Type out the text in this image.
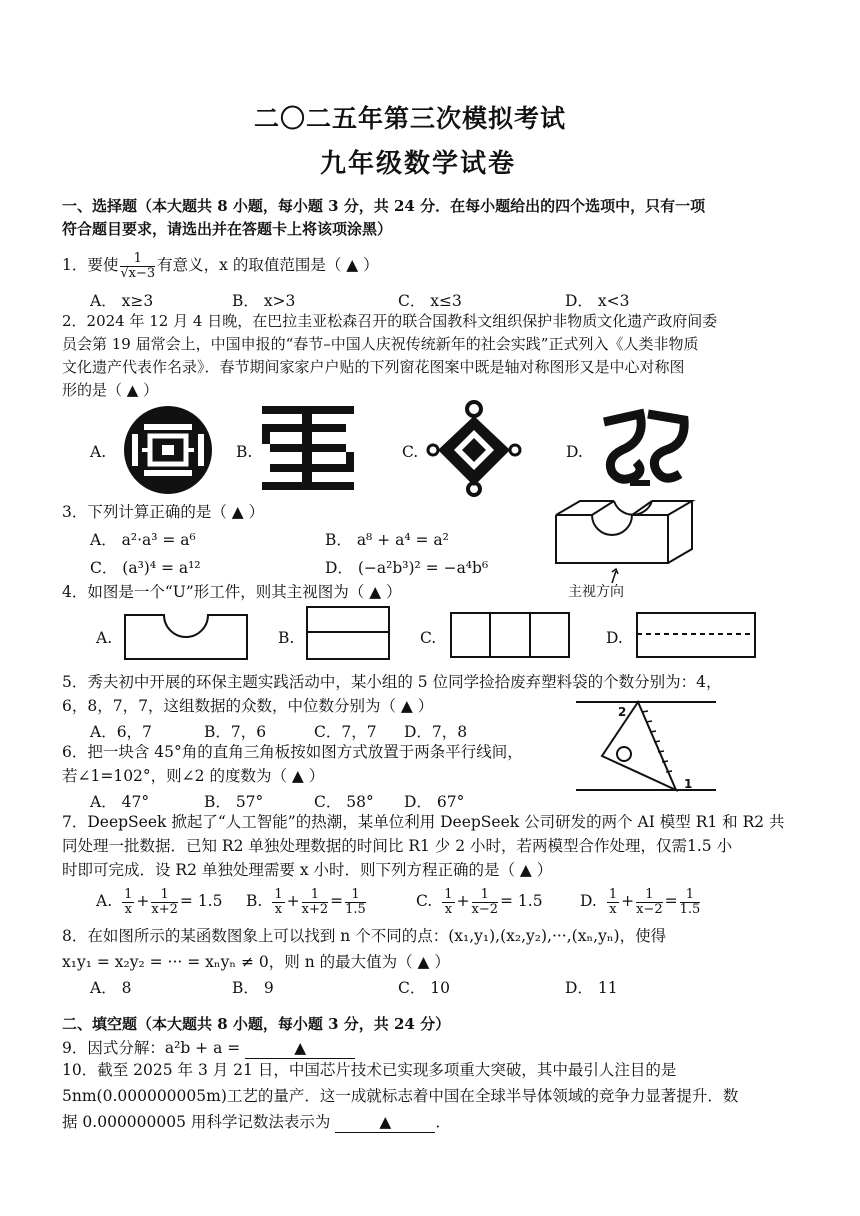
二〇二五年第三次模拟考试
九年级数学试卷
一、选择题（本大题共 8 小题，每小题 3 分，共 24 分．在每小题给出的四个选项中，只有一项
符合题目要求，请选出并在答题卡上将该项涂黑）
1．要使 $\frac{1}{√x-3}$ 有意义，x 的取值范围是（ ▲ ）
A． x≥3	B． x>3	C． x≤3	D． x<3
2．2024 年 12 月 4 日晚，在巴拉圭亚松森召开的联合国教科文组织保护非物质文化遗产政府间委
员会第 19 届常会上，中国申报的“春节–中国人庆祝传统新年的社会实践”正式列入《人类非物质
文化遗产代表作名录》．春节期间家家户户贴的下列窗花图案中既是轴对称图形又是中心对称图
形的是（ ▲ ）
A.	B.	C.	D.
3．下列计算正确的是（ ▲ ）
A． a²·a³ = a⁶	B． a⁸ + a⁴ = a²
C． (a³)⁴ = a¹²	D． (−a²b³)² = −a⁴b⁶
主视方向
4．如图是一个“U”形工件，则其主视图为（ ▲ ）
A.	B.	C.	D.
5．秀夫初中开展的环保主题实践活动中，某小组的 5 位同学捡拾废弃塑料袋的个数分别为：4，
6，8，7，7，这组数据的众数，中位数分别为（ ▲ ）
A．6，7	B．7，6	C．7，7 D．7，8
6．把一块含 45°角的直角三角板按如图方式放置于两条平行线间，
若∠1=102°，则∠2 的度数为（ ▲ ）
A． 47°	B． 57°	C． 58° D． 67°
2
1
7．DeepSeek 掀起了“人工智能”的热潮，某单位利用 DeepSeek 公司研发的两个 AI 模型 R1 和 R2 共
同处理一批数据．已知 R2 单独处理数据的时间比 R1 少 2 小时，若两模型合作处理，仅需1.5 小
时即可完成．设 R2 单独处理需要 x 小时．则下列方程正确的是（ ▲ ）
A. $\frac{1}{x} + \frac{1}{x+2} = 1.5$ B. $\frac{1}{x} + \frac{1}{x+2} = \frac{1}{1.5}$	C. $\frac{1}{x} + \frac{1}{x-2} = 1.5$ D. $\frac{1}{x} + \frac{1}{x-2} = \frac{1}{1.5}$
8．在如图所示的某函数图象上可以找到 n 个不同的点：(x₁,y₁),(x₂,y₂),···,(xₙ,yₙ)，使得
x₁y₁ = x₂y₂ = ··· = xₙyₙ ≠ 0，则 n 的最大值为（ ▲ ）
A． 8	B． 9	C． 10	D． 11
二、填空题（本大题共 8 小题，每小题 3 分，共 24 分）
9．因式分解：a²b + a =	▲
10．截至 2025 年 3 月 21 日，中国芯片技术已实现多项重大突破，其中最引人注目的是
5nm(0.000000005m)工艺的量产．这一成就标志着中国在全球半导体领域的竞争力显著提升．数
据 0.000000005 用科学记数法表示为	▲	．
